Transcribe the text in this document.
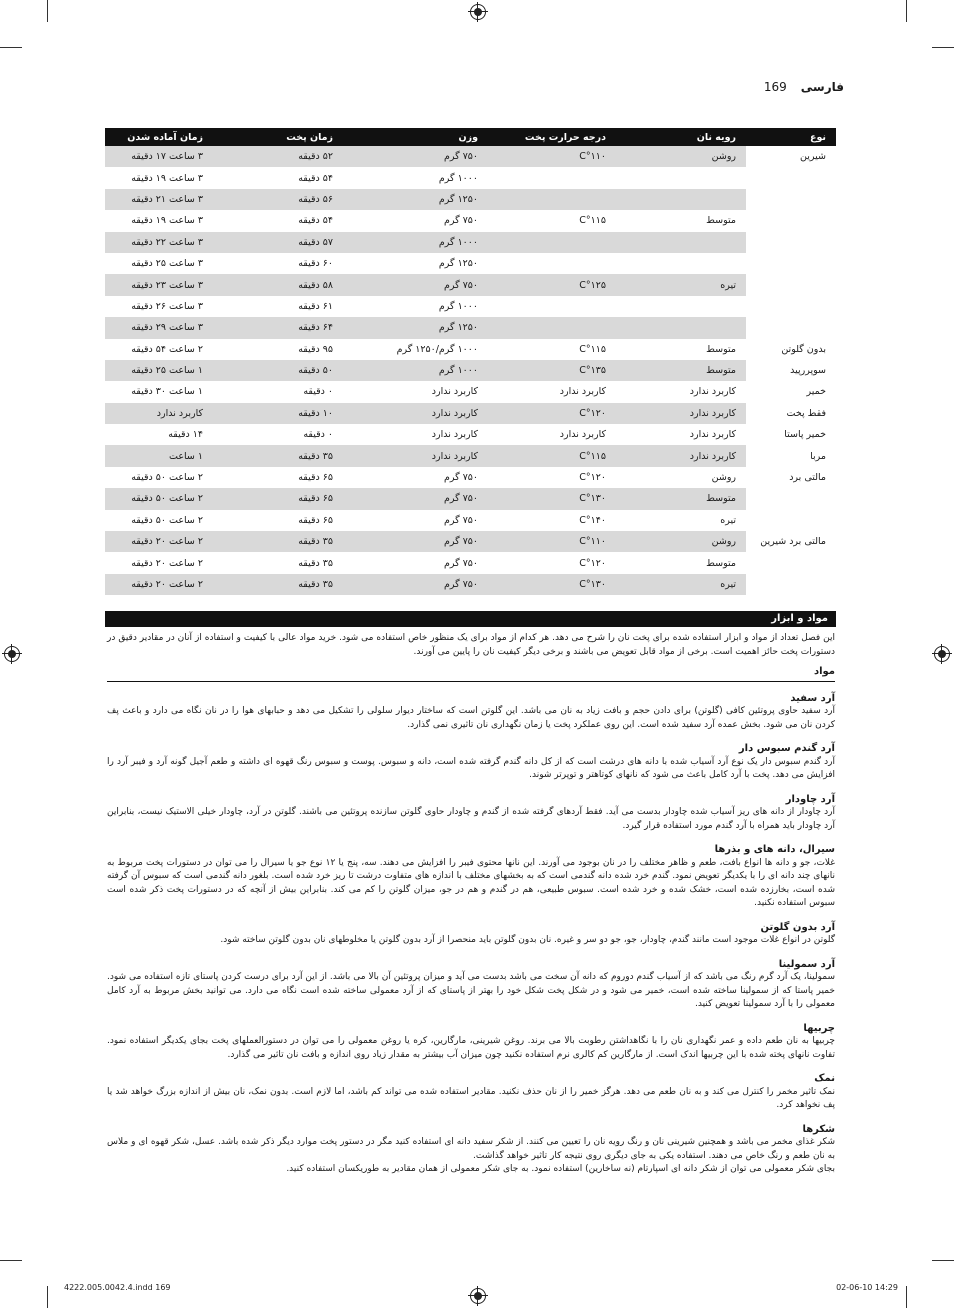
فارسی
169
نوع	رویه نان	درجه حرارت پخت	وزن	زمان پخت	زمان آماده شدن
شیرین	روشن	C°۱۱۰	۷۵۰ گرم	۵۲ دقیقه	۳ ساعت ۱۷ دقیقه
			۱۰۰۰ گرم	۵۴ دقیقه	۳ ساعت ۱۹ دقیقه
			۱۲۵۰ گرم	۵۶ دقیقه	۳ ساعت ۲۱ دقیقه
	متوسط	C°۱۱۵	۷۵۰ گرم	۵۴ دقیقه	۳ ساعت ۱۹ دقیقه
			۱۰۰۰ گرم	۵۷ دقیقه	۳ ساعت ۲۲ دقیقه
			۱۲۵۰ گرم	۶۰ دقیقه	۳ ساعت ۲۵ دقیقه
	تیره	C°۱۲۵	۷۵۰ گرم	۵۸ دقیقه	۳ ساعت ۲۳ دقیقه
			۱۰۰۰ گرم	۶۱ دقیقه	۳ ساعت ۲۶ دقیقه
			۱۲۵۰ گرم	۶۴ دقیقه	۳ ساعت ۲۹ دقیقه
بدون گلوتن	متوسط	C°۱۱۵	۱۰۰۰ گرم/۱۲۵۰ گرم	۹۵ دقیقه	۲ ساعت ۵۴ دقیقه
سوپررپید	متوسط	C°۱۳۵	۱۰۰۰ گرم	۵۰ دقیقه	۱ ساعت ۲۵ دقیقه
خمیر	کاربرد ندارد	کاربرد ندارد	کاربرد ندارد	۰ دقیقه	۱ ساعت ۳۰ دقیقه
فقط پخت	کاربرد ندارد	C°۱۲۰	کاربرد ندارد	۱۰ دقیقه	کاربرد ندارد
خمیر پاستا	کاربرد ندارد	کاربرد ندارد	کاربرد ندارد	۰ دقیقه	۱۴ دقیقه
مربا	کاربرد ندارد	C°۱۱۵	کاربرد ندارد	۳۵ دقیقه	۱ ساعت
مالتی برد	روشن	C°۱۲۰	۷۵۰ گرم	۶۵ دقیقه	۲ ساعت ۵۰ دقیقه
	متوسط	C°۱۳۰	۷۵۰ گرم	۶۵ دقیقه	۲ ساعت ۵۰ دقیقه
	تیره	C°۱۴۰	۷۵۰ گرم	۶۵ دقیقه	۲ ساعت ۵۰ دقیقه
مالتی برد شیرین	روشن	C°۱۱۰	۷۵۰ گرم	۳۵ دقیقه	۲ ساعت ۲۰ دقیقه
	متوسط	C°۱۲۰	۷۵۰ گرم	۳۵ دقیقه	۲ ساعت ۲۰ دقیقه
	تیره	C°۱۳۰	۷۵۰ گرم	۳۵ دقیقه	۲ ساعت ۲۰ دقیقه
مواد و ابزار

این فصل تعداد از مواد و ابزار استفاده شده برای پخت نان را شرح می دهد. هر کدام از مواد برای یک منظور خاص استفاده می شود. خرید مواد عالی با کیفیت و استفاده از آنان در مقادیر دقیق در دستورات پخت حائز اهمیت است. برخی از مواد قابل تعویض می باشند و برخی دیگر کیفیت نان را پایین می آورند.

مواد
آرد سفید

آرد سفید حاوی پروتئین کافی (گلوتن) برای دادن حجم و بافت زیاد به نان می باشد. این گلوتن است که ساختار دیوار سلولی را تشکیل می دهد و حبابهای هوا را در نان نگاه می دارد و باعث پف کردن نان می شود. بخش عمده آرد سفید شده است. این روی عملکرد پخت یا زمان نگهداری نان تاثیری نمی گذارد.

آرد گندم سبوس دار

آرد گندم سبوس دار یک نوع آرد آسیاب شده با دانه های درشت است که از کل دانه گندم گرفته شده است، دانه و سبوس. پوست و سبوس رنگ قهوه ای داشته و طعم آجیل گونه آرد و فیبر آرد را افزایش می دهد. پخت با آرد کامل باعث می شود که نانهای کوتاهتر و توپرتر شوند.

آرد چاودار

آرد چاودار از دانه های ریز آسیاب شده چاودار بدست می آید. فقط آردهای گرفته شده از گندم و چاودار حاوی گلوتن سازنده پروتئین می باشند. گلوتن در آرد، چاودار خیلی الاستیک نیست، بنابراین آرد چاودار باید همراه با آرد گندم مورد استفاده قرار گیرد.

سیرال، دانه های و بذرها

غلات، جو و دانه ها انواع بافت، طعم و ظاهر مختلف را در نان بوجود می آورند. این نانها محتوی فیبر را افزایش می دهند. سه، پنج یا ۱۲ نوع جو یا سیرال را می توان در دستورات پخت مربوط به نانهای چند دانه ای را با یکدیگر تعویض نمود. گندم خرد شده دانه گندمی است که به بخشهای مختلف با اندازه های متفاوت درشت تا ریز خرد شده است. بلغور دانه گندمی است که سبوس آن گرفته شده است، بخارزده شده است، خشک شده و خرد شده است. سبوس طبیعی، هم در گندم و هم در جو، میزان گلوتن را کم می کند. بنابراین بیش از آنچه که در دستورات پخت ذکر شده است سبوس استفاده نکنید.

آرد بدون گلوتن

گلوتن در انواع غلات موجود است مانند گندم، چاودار، جو، جو دو سر و غیره. نان بدون گلوتن باید منحصرا از آرد بدون گلوتن یا مخلوطهای نان بدون گلوتن ساخته شود.

آرد سمولینا

سمولینا، یک آرد گرم رنگ می باشد که از آسیاب گندم دوروم که دانه آن سخت می باشد بدست می آید و میزان پروتئین آن بالا می باشد. از این آرد برای درست کردن پاستای تازه استفاده می شود. خمیر پاستا که از سمولینا ساخته شده است، خمیر می شود و در شکل پخت شکل خود را بهتر از پاستای که از آرد معمولی ساخته شده است نگاه می دارد. می توانید بخش مربوط به آرد کامل معمولی را با آرد سمولینا تعویض کنید.

چربیها

چربیها به نان طعم داده و عمر نگهداری نان را با نگاهداشتن رطوبت بالا می برند. روغن شیرینی، مارگارین، کره یا روغن معمولی را می توان در دستورالعملهای پخت بجای یکدیگر استفاده نمود. تفاوت نانهای پخته شده با این چربیها اندک است. از مارگارین کم کالری نرم استفاده نکنید چون میزان آب بیشتر به مقدار زیاد روی اندازه و بافت نان تاثیر می گذارد.

نمک

نمک تاثیر مخمر را کنترل می کند و به نان طعم می دهد. هرگز خمیر را از نان حذف نکنید. مقادیر استفاده شده می تواند کم باشد، اما لازم است. بدون نمک، نان بیش از اندازه بزرگ خواهد شد یا پف نخواهد کرد.

شکرها

شکر غذای مخمر می باشد و همچنین شیرینی نان و رنگ رویه نان را تعیین می کنند. از شکر سفید دانه ای استفاده کنید مگر در دستور پخت موارد دیگر ذکر شده باشد. عسل، شکر قهوه ای و ملاس به نان طعم و رنگ خاص می دهند. استفاده یکی به جای دیگری روی نتیجه کار تاثیر خواهد گذاشت.
بجای شکر معمولی می توان از شکر دانه ای اسپارتام (نه ساخارین) استفاده نمود. به جای شکر معمولی از همان مقادیر به طوریکسان استفاده کنید.

4222.005.0042.4.indd 169	02-06-10 14:29
